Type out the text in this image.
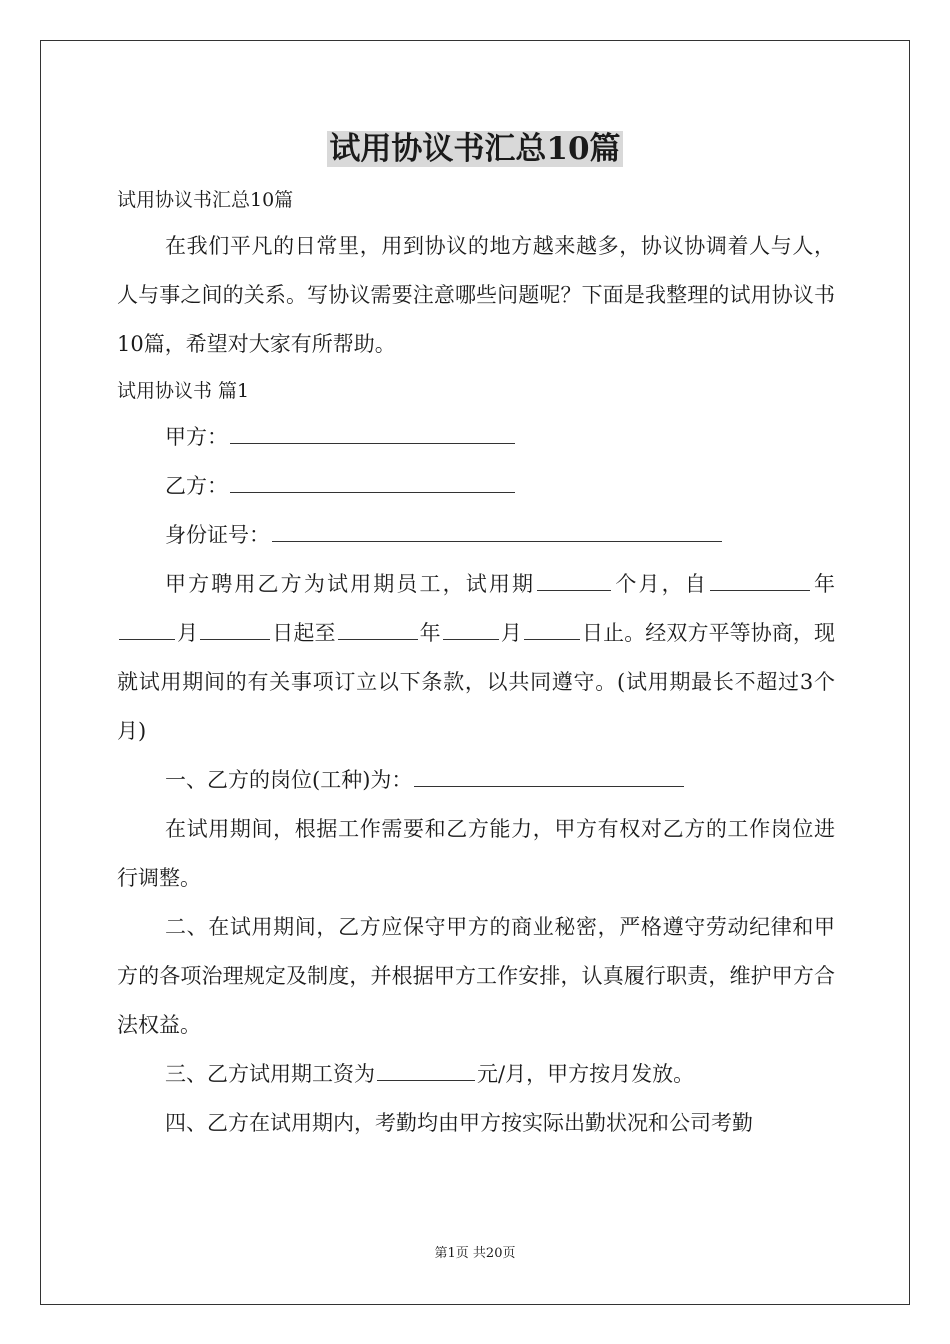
试用协议书汇总10篇

试用协议书汇总10篇

在我们平凡的日常里，用到协议的地方越来越多，协议协调着人与人，人与事之间的关系。写协议需要注意哪些问题呢？下面是我整理的试用协议书10篇，希望对大家有所帮助。

试用协议书 篇1

甲方：

乙方：

身份证号：

甲方聘用乙方为试用期员工，试用期	个月，自	年月	日起至	年	月	日止。经双方平等协商，现就试用期间的有关事项订立以下条款，以共同遵守。(试用期最长不超过3个月)

一、乙方的岗位(工种)为：

在试用期间，根据工作需要和乙方能力，甲方有权对乙方的工作岗位进行调整。

二、在试用期间，乙方应保守甲方的商业秘密，严格遵守劳动纪律和甲方的各项治理规定及制度，并根据甲方工作安排，认真履行职责，维护甲方合法权益。

三、乙方试用期工资为	元/月，甲方按月发放。

四、乙方在试用期内，考勤均由甲方按实际出勤状况和公司考勤

第1页 共20页
